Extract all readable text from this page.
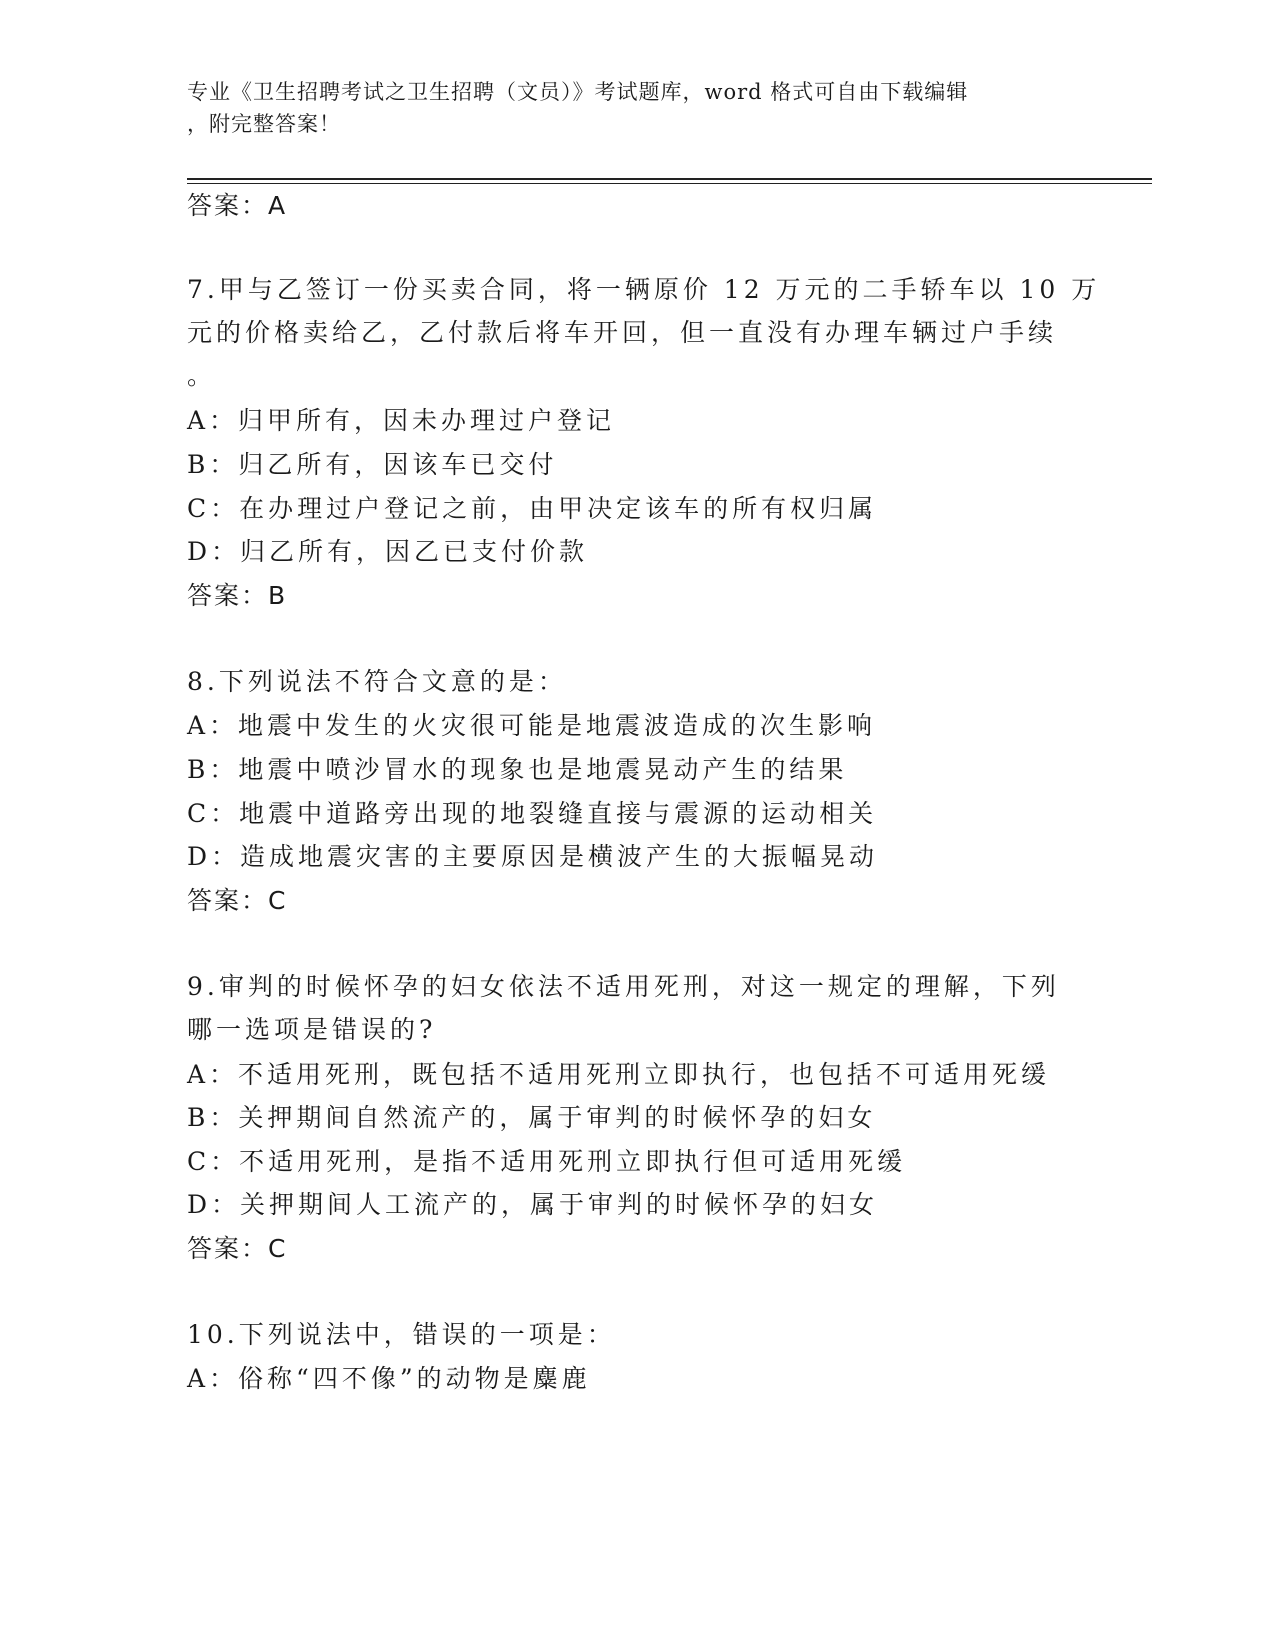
专业《卫生招聘考试之卫生招聘（文员）》考试题库，word 格式可自由下载编辑
，附完整答案！
答案：A
7.甲与乙签订一份买卖合同，将一辆原价 12 万元的二手轿车以 10 万
元的价格卖给乙，乙付款后将车开回，但一直没有办理车辆过户手续
。
A：归甲所有，因未办理过户登记
B：归乙所有，因该车已交付
C：在办理过户登记之前，由甲决定该车的所有权归属
D：归乙所有，因乙已支付价款
答案：B
8.下列说法不符合文意的是：
A：地震中发生的火灾很可能是地震波造成的次生影响
B：地震中喷沙冒水的现象也是地震晃动产生的结果
C：地震中道路旁出现的地裂缝直接与震源的运动相关
D：造成地震灾害的主要原因是横波产生的大振幅晃动
答案：C
9.审判的时候怀孕的妇女依法不适用死刑，对这一规定的理解，下列
哪一选项是错误的?
A：不适用死刑，既包括不适用死刑立即执行，也包括不可适用死缓
B：关押期间自然流产的，属于审判的时候怀孕的妇女
C：不适用死刑，是指不适用死刑立即执行但可适用死缓
D：关押期间人工流产的，属于审判的时候怀孕的妇女
答案：C
10.下列说法中，错误的一项是：
A：俗称“四不像”的动物是麋鹿
